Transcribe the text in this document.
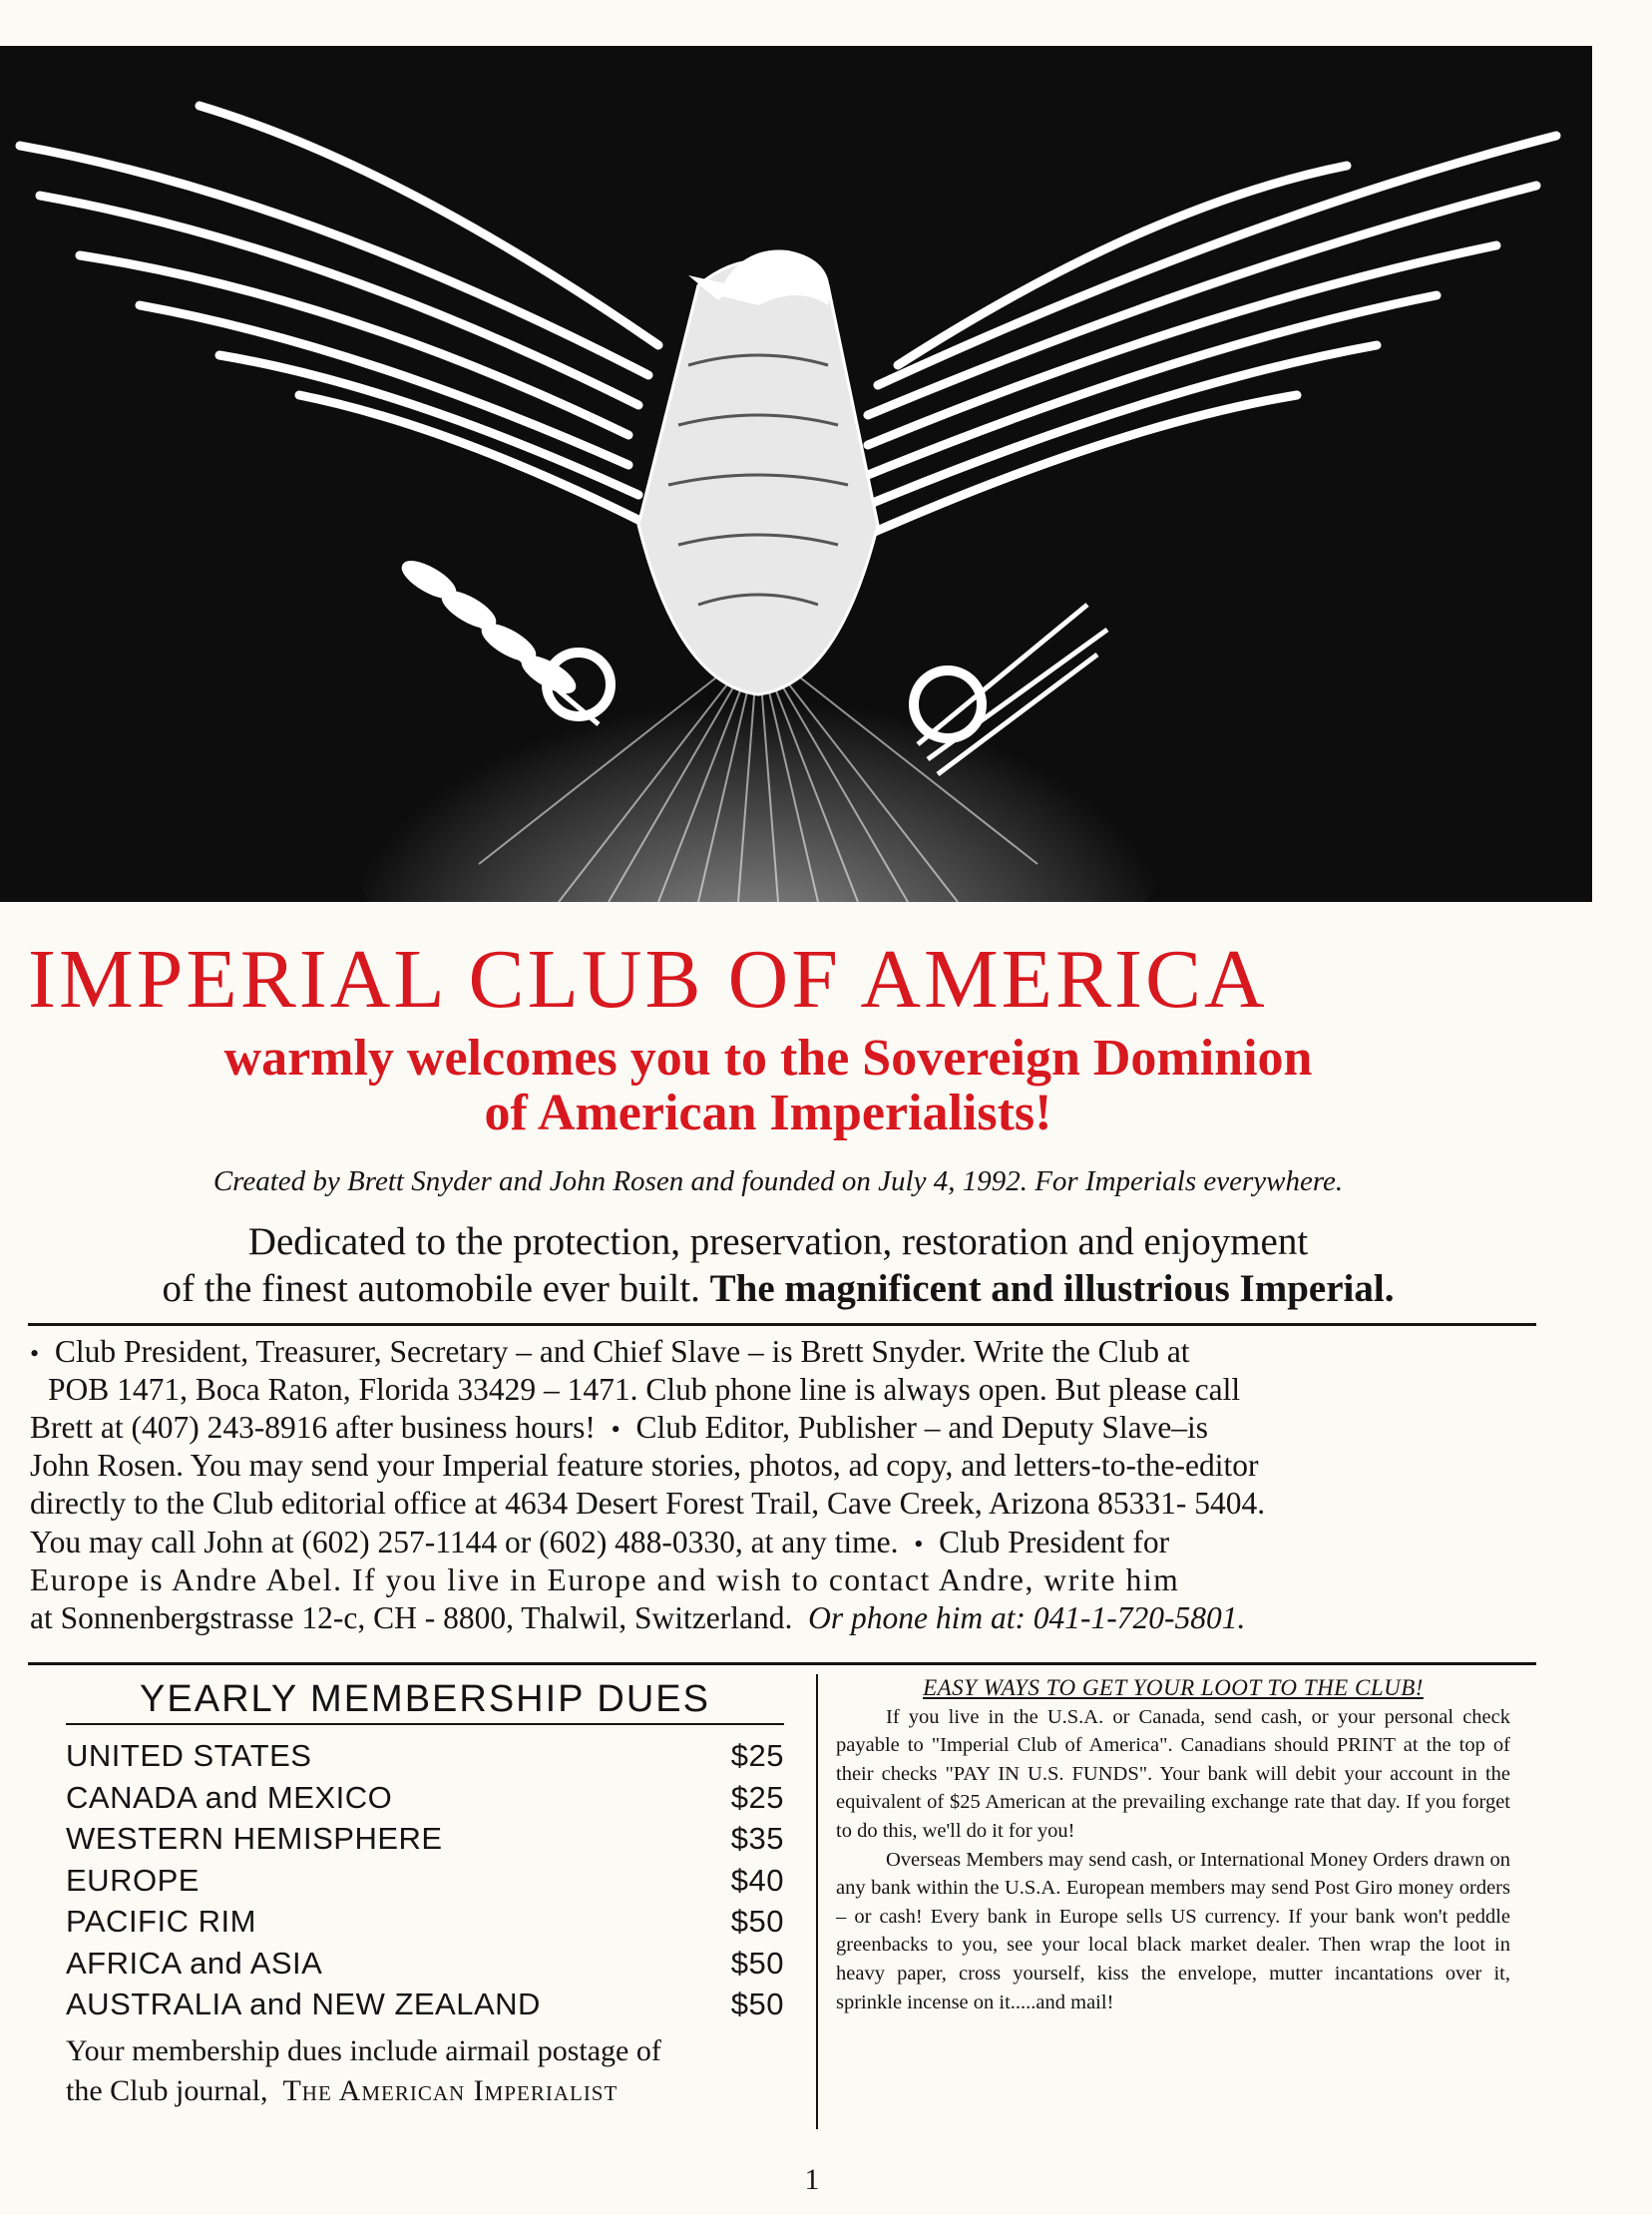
IMPERIAL CLUB OF AMERICA
warmly welcomes you to the Sovereign Dominion
of American Imperialists!
Created by Brett Snyder and John Rosen and founded on July 4, 1992. For Imperials everywhere.
Dedicated to the protection, preservation, restoration and enjoyment
of the finest automobile ever built. The magnificent and illustrious Imperial.

• Club President, Treasurer, Secretary – and Chief Slave – is Brett Snyder. Write the Club at

POB 1471, Boca Raton, Florida 33429 – 1471. Club phone line is always open. But please call

Brett at (407) 243-8916 after business hours! • Club Editor, Publisher – and Deputy Slave–is

John Rosen. You may send your Imperial feature stories, photos, ad copy, and letters-to-the-editor

directly to the Club editorial office at 4634 Desert Forest Trail, Cave Creek, Arizona 85331- 5404.

You may call John at (602) 257-1144 or (602) 488-0330, at any time. • Club President for

Europe is Andre Abel. If you live in Europe and wish to contact Andre, write him

at Sonnenbergstrasse 12-c, CH - 8800, Thalwil, Switzerland. Or phone him at: 041-1-720-5801.

YEARLY MEMBERSHIP DUES
UNITED STATES	$25
CANADA and MEXICO	$25
WESTERN HEMISPHERE	$35
EUROPE	$40
PACIFIC RIM	$50
AFRICA and ASIA	$50
AUSTRALIA and NEW ZEALAND	$50
Your membership dues include airmail postage of
the Club journal, The American Imperialist
EASY WAYS TO GET YOUR LOOT TO THE CLUB!

If you live in the U.S.A. or Canada, send cash, or your personal check payable to "Imperial Club of America". Canadians should PRINT at the top of their checks "PAY IN U.S. FUNDS". Your bank will debit your account in the equivalent of $25 American at the prevailing exchange rate that day. If you forget to do this, we'll do it for you!

Overseas Members may send cash, or International Money Orders drawn on any bank within the U.S.A. European members may send Post Giro money orders – or cash! Every bank in Europe sells US currency. If your bank won't peddle greenbacks to you, see your local black market dealer. Then wrap the loot in heavy paper, cross yourself, kiss the envelope, mutter incantations over it, sprinkle incense on it.....and mail!

1
